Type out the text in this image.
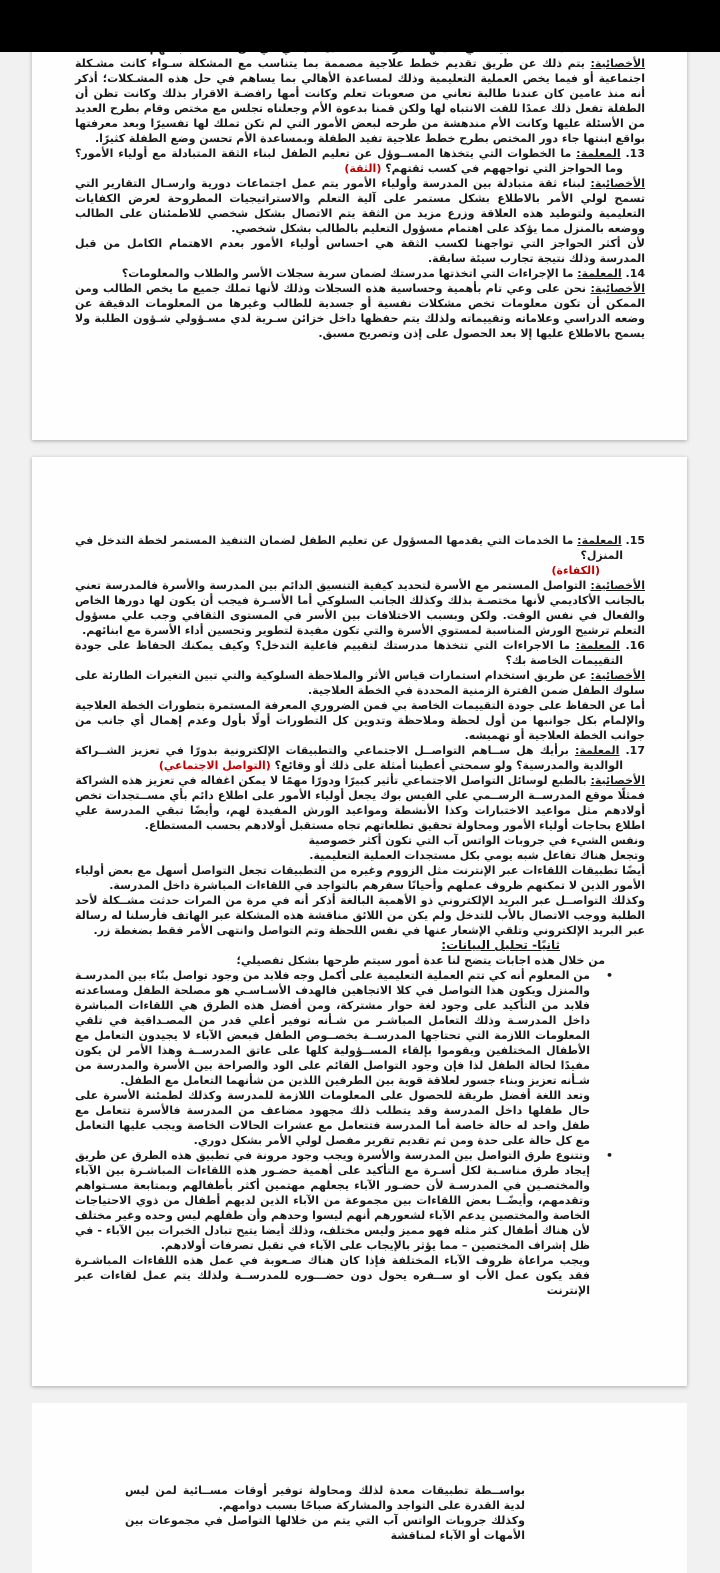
الأخصائية: يتم ذلك عن طريق تقديم خطط علاجية مصممة بما يتناسب مع المشكلة سـواء كانت مشـكلة اجتماعية أو فيما يخص العملية التعليمية وذلك لمساعدة الأهالي بما يساهم في حل هذه المشـكلات؛ أذكر أنه منذ عامين كان عندنا طالبة تعاني من صعوبات تعلم وكانت أمها رافضـة الاقرار بذلك وكانت تظن أن الطفلة تفعل ذلك عمدًا للفت الانتباه لها ولكن قمنا بدعوة الأم وجعلناه تجلس مع مختص وقام بطرح العديد من الأسئلة عليها وكانت الأم مندهشة من طرحه لبعض الأمور التي لم تكن تملك لها تفسيرًا وبعد معرفتها بواقع ابنتها جاء دور المختص بطرح خطط علاجية تفيد الطفلة وبمساعدة الأم تحسن وضع الطفلة كثيرًا.
13. المعلمة: ما الخطوات التي يتخذها المســوؤل عن تعليم الطفل لبناء الثقة المتبادلة مع أولياء الأمور؟ وما الحواجز التي تواجههم في كسب ثقتهم؟ (الثقة)
الأخصائية: لبناء ثقة متبادلة بين المدرسة وأولياء الأمور يتم عمل اجتماعات دورية وارسـال التقارير التي تسمح لولي الأمر بالاطلاع بشكل مستمر على آلية التعلم والاستراتيجيات المطروحة لعرض الكفايات التعليمية ولتوطيد هذه العلاقة وزرع مزيد من الثقة يتم الاتصال بشكل شخصي للاطمئنان على الطالب ووضعه بالمنزل مما يؤكد على اهتمام مسؤول التعليم بالطالب بشكل شخصي.
لأن أكثر الحواجز التي تواجهنا لكسب الثقة هي احساس أولياء الأمور بعدم الاهتمام الكامل من قبل المدرسة وذلك نتيجة تجارب سيئة سابقة.
14. المعلمة: ما الإجراءات التي اتخذتها مدرستك لضمان سرية سجلات الأسر والطلاب والمعلومات؟
الأخصائية: نحن على وعي تام بأهمية وحساسية هذه السجلات وذلك لأنها تملك جميع ما يخص الطالب ومن الممكن أن تكون معلومات تخص مشكلات نفسية أو جسدية للطالب وغيرها من المعلومات الدقيقة عن وضعه الدراسي وعلاماته وتقييماته ولذلك يتم حفظها داخل خزائن سـرية لدي مسـؤولي شـؤون الطلبة ولا يسمح بالاطلاع عليها إلا بعد الحصول على إذن وتصريح مسبق.
15. المعلمة: ما الخدمات التي يقدمها المسؤول عن تعليم الطفل لضمان التنفيذ المستمر لخطة التدخل في المنزل؟
(الكفاءة)
الأخصائية: التواصل المستمر مع الأسرة لتحديد كيفية التنسيق الدائم بين المدرسة والأسرة فالمدرسة تعني بالجانب الأكاديمي لأنها مختصـة بذلك وكذلك الجانب السلوكي أما الأسـرة فيجب أن يكون لها دورها الخاص والفعال في نفس الوقت. ولكن وبسبب الاختلافات بين الأسر في المستوى الثقافي وجب علي مسؤول التعلم ترشيح الورش المناسبة لمستوي الأسرة والتي تكون مفيدة لتطوير وتحسين أداء الأسرة مع ابنائهم.
16. المعلمة: ما الاجراءات التي تتخذها مدرستك لتقييم فاعلية التدخل؟ وكيف يمكنك الحفاظ على جودة التقييمات الخاصة بك؟
الأخصائية: عن طريق استخدام استمارات قياس الأثر والملاحظة السلوكية والتي تبين التغيرات الطارئة على سلوك الطفل ضمن الفترة الزمنية المحددة في الخطة العلاجية.
أما عن الحفاظ على جودة التقييمات الخاصة بي فمن الضروري المعرفة المستمرة بتطورات الخطة العلاجية والإلمام بكل جوانبها من أول لحظة وملاحظة وتدوين كل التطورات أولًا بأول وعدم إهمال أي جانب من جوانب الخطة العلاجية أو تهميشه.
17. المعلمة: برأيك هل ســاهم التواصــل الاجتماعي والتطبيقات الإلكترونية بدورًا في تعزيز الشــراكة الوالدية والمدرسية؟ ولو سمحتي أعطينا أمثلة على ذلك أو وقائع؟ (التواصل الاجتماعي)
الأخصائية: بالطبع لوسائل التواصل الاجتماعي تأثير كبيرًا ودورًا مهمًا لا يمكن اغفاله في تعزيز هذه الشراكة
فمثلًا موقع المدرســة الرســمي علي الفيس بوك يجعل أولياء الأمور على اطلاع دائم بأي مســتجدات تخص أولادهم مثل مواعيد الاختبارات وكذا الأنشطة ومواعيد الورش المفيدة لهم، وأيضًا تبقي المدرسة علي اطلاع بحاجات أولياء الأمور ومحاولة تحقيق تطلعاتهم تجاه مستقبل أولادهم بحسب المستطاع.
ونفس الشيء في جروبات الواتس آب التي تكون أكثر خصوصية
وتجعل هناك تفاعل شبه يومي بكل مستجدات العملية التعليمية.
أيضًا تطبيقات اللقاءات عبر الإنترنت مثل الزووم وغيره من التطبيقات تجعل التواصل أسهل مع بعض أولياء الأمور الذين لا تمكنهم ظروف عملهم وأحيانًا سفرهم بالتواجد في اللقاءات المباشرة داخل المدرسة.
وكذلك التواصــل عبر البريد الإلكتروني ذو الأهمية البالغة أذكر أنه في مرة من المرات حدثت مشــكلة لأحد الطلبة ووجب الاتصال بالأب للتدخل ولم يكن من اللائق مناقشة هذه المشكلة عبر الهاتف فأرسلنا له رسالة عبر البريد الإلكتروني وتلقي الإشعار عنها في نفس اللحظة وتم التواصل وانتهى الأمر فقط بضغطة زر.
ثانيًا- تحليل البيانات:
من خلال هذه اجابات يتضح لنا عدة أمور سيتم طرحها بشكل تفصيلي؛
•
من المعلوم أنه كي تتم العملية التعليمية على أكمل وجه فلابد من وجود تواصل بنّاء بين المدرسـة والمنزل ويكون هذا التواصل في كلا الاتجاهين فالهدف الأسـاسـي هو مصلحة الطفل ومساعدته فلابد من التأكيد على وجود لغة حوار مشتركة، ومن أفضل هذه الطرق هي اللقاءات المباشرة داخل المدرسـة وذلك التعامل المباشـر من شـأنه توفير أعلي قدر من المصـداقية في تلقي المعلومات اللازمة التي تحتاجها المدرســة بخصــوص الطفل فبعض الآباء لا يجيدون التعامل مع الأطفال المختلفين ويقوموا بإلقاء المســؤولية كلها على عاتق المدرســة وهذا الأمر لن يكون مفيدًا لحالة الطفل لذا فإن وجود التواصل القائم على الود والصراحة بين الأسرة والمدرسة من شـأنه تعزيز وبناء جسور لعلاقة قوية بين الطرفين اللذين من شأنهما التعامل مع الطفل.
وتعد اللغة أفضل طريقة للحصول على المعلومات اللازمة للمدرسة وكذلك لطمئنة الأسرة على حال طفلها داخل المدرسة وقد يتطلب ذلك مجهود مضاعف من المدرسة فالأسرة تتعامل مع طفل واحد له حالة خاصة أما المدرسة فتتعامل مع عشرات الحالات الخاصة ويجب عليها التعامل مع كل حالة على حدة ومن ثم تقديم تقرير مفصل لولي الأمر بشكل دوري.
•
وتتنوع طرق التواصل بين المدرسة والأسرة ويجب وجود مرونة في تطبيق هذه الطرق عن طريق إيجاد طرق مناسـبة لكل أسـرة مع التأكيد على أهمية حضـور هذه اللقاءات المباشـرة بين الآباء والمختصـين في المدرسـة لأن حضـور الآباء يجعلهم مهتمين أكثر بأطفالهم وبمتابعة مسـتواهم وتقدمهم، وأيضًــا بعض اللقاءات بين مجموعة من الآباء الذين لديهم أطفال من ذوي الاحتياجات الخاصة والمختصين يدعم الآباء لشعورهم أنهم ليسوا وحدهم وأن طفلهم ليس وحده وغير مختلف لأن هناك أطفال كثر مثله فهو مميز وليس مختلف، وذلك أيضا يتيح تبادل الخبرات بين الآباء - في ظل إشراف المختصين – مما يؤثر بالإيجاب على الآباء في تقبل تصرفات أولادهم.
ويجب مراعاة ظروف الآباء المختلفة فإذا كان هناك صـعوبة في عمل هذه اللقاءات المباشـرة فقد يكون عمل الأب او ســفره يحول دون حضـــوره للمدرســة ولذلك يتم عمل لقاءات عبر الإنترنت
بواســطة تطبيقات معدة لذلك ومحاولة توفير أوقات مســائية لمن ليس لدية القدرة على التواجد والمشاركة صباحًا بسبب دوامهم.
وكذلك جروبات الواتس آب التي يتم من خلالها التواصل في مجموعات بين الأمهات أو الآباء لمناقشة
